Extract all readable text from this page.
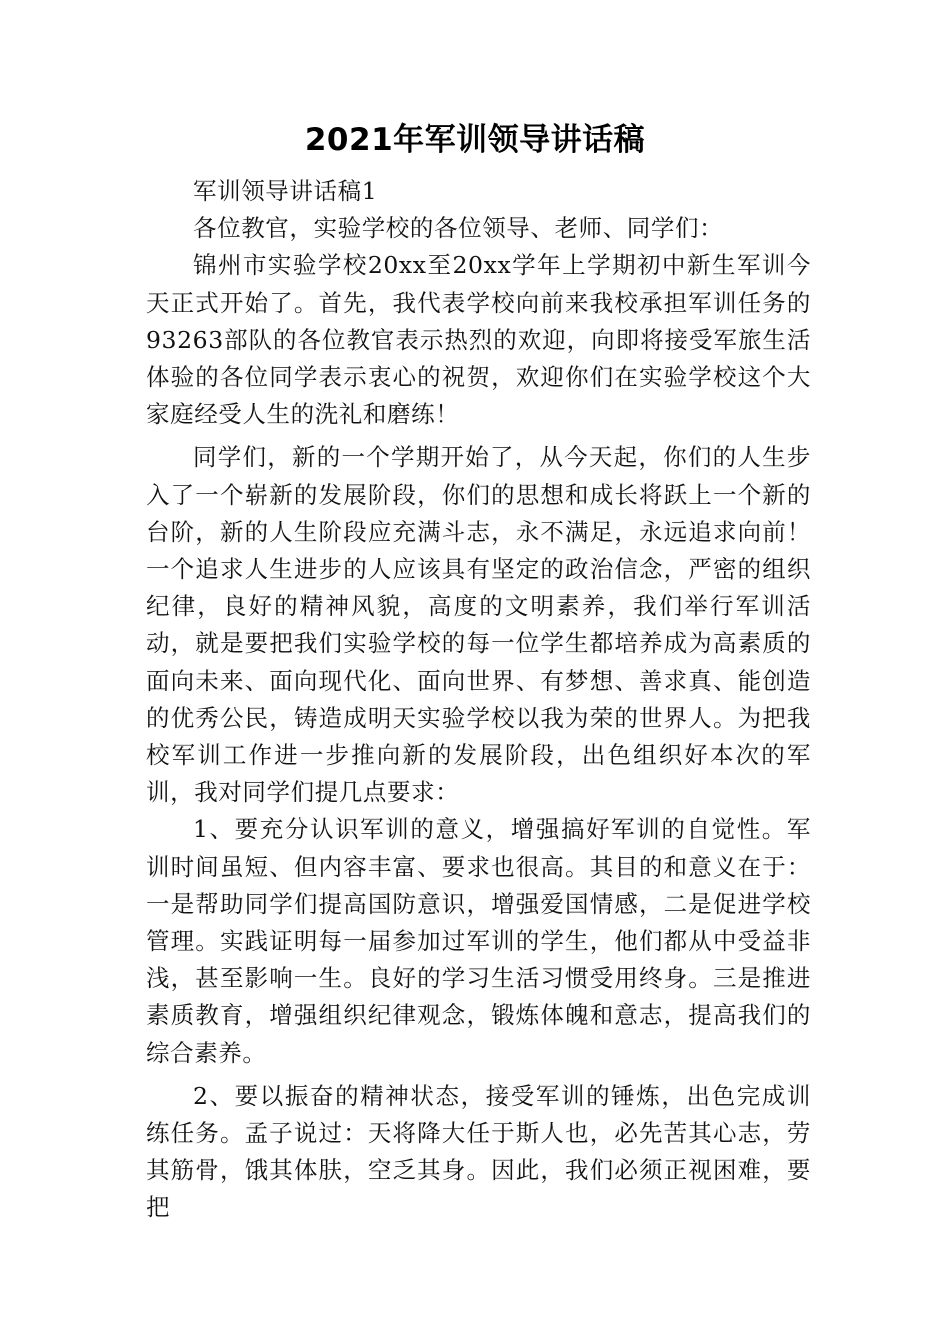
2021年军训领导讲话稿

军训领导讲话稿1

各位教官，实验学校的各位领导、老师、同学们：

锦州市实验学校20xx至20xx学年上学期初中新生军训今天正式开始了。首先，我代表学校向前来我校承担军训任务的93263部队的各位教官表示热烈的欢迎，向即将接受军旅生活体验的各位同学表示衷心的祝贺，欢迎你们在实验学校这个大家庭经受人生的洗礼和磨练！

同学们，新的一个学期开始了，从今天起，你们的人生步入了一个崭新的发展阶段，你们的思想和成长将跃上一个新的台阶，新的人生阶段应充满斗志，永不满足，永远追求向前！一个追求人生进步的人应该具有坚定的政治信念，严密的组织纪律，良好的精神风貌，高度的文明素养，我们举行军训活动，就是要把我们实验学校的每一位学生都培养成为高素质的面向未来、面向现代化、面向世界、有梦想、善求真、能创造的优秀公民，铸造成明天实验学校以我为荣的世界人。为把我校军训工作进一步推向新的发展阶段，出色组织好本次的军训，我对同学们提几点要求：

1、要充分认识军训的意义，增强搞好军训的自觉性。军训时间虽短、但内容丰富、要求也很高。其目的和意义在于：一是帮助同学们提高国防意识，增强爱国情感，二是促进学校管理。实践证明每一届参加过军训的学生，他们都从中受益非浅，甚至影响一生。良好的学习生活习惯受用终身。三是推进素质教育，增强组织纪律观念，锻炼体魄和意志，提高我们的综合素养。

2、要以振奋的精神状态，接受军训的锤炼，出色完成训练任务。孟子说过：天将降大任于斯人也，必先苦其心志，劳其筋骨，饿其体肤，空乏其身。因此，我们必须正视困难，要把
